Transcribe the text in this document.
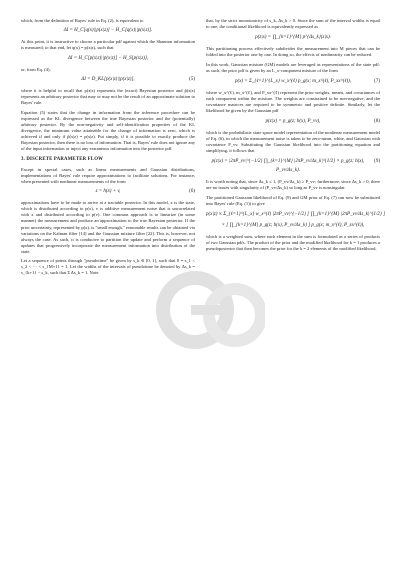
which, from the definition of Bayes' rule in Eq. (2), is equivalent to

ΔI = H_C[q(x)||p(x|z)] − H_C[q(x)||p(x|z)].

At this point, it is instructive to choose a particular pdf against which the Shannon information is measured; to that end, let q(x) = p(x|z), such that

ΔI = H_C[p(x|z)||p(x|z)] − H_S[p(x|z)],

or, from Eq. (4),

ΔI = D_KL[p(x|z)||p(x|z)],	(5)

where it is helpful to recall that p(x|z) represents the (exact) Bayesian posterior and p̃(x|z) represents an arbitrary posterior that may or may not be the result of an approximate solution to Bayes' rule.

Equation (5) states that the change in information from the inference procedure can be expressed as the KL divergence between the true Bayesian posterior and the (potentially) arbitrary posterior. By the non-negativity and self-identification properties of the KL divergence, the minimum value attainable for the change of information is zero, which is achieved if and only if p̃(x|z) = p(x|z). Put simply, if it is possible to exactly produce the Bayesian posterior, then there is no loss of information. That is, Bayes' rule does not ignore any of the input information or inject any extraneous information into the posterior pdf.

3. DISCRETE PARAMETER FLOW

Except in special cases, such as linear measurements and Gaussian distributions, implementations of Bayes' rule require approximations to facilitate solutions. For instance, when presented with nonlinear measurements of the form

z = h(x) + v,	(6)

approximations have to be made to arrive at a tractable posterior. In this model, x is the state, which is distributed according to p(x), v is additive measurement noise that is uncorrelated with x and distributed according to p(v). One common approach is to linearize (in some manner) the measurement and produce an approximation to the true Bayesian posterior. If the prior uncertainty, represented by p(x), is "small enough," reasonable results can be obtained via variations on the Kalman filter [14] and the Gaussian mixture filter [22]. This is, however, not always the case. As such, it is conducive to partition the update and perform a sequence of updates that progressively incorporate the measurement information into distribution of the state.

Let a sequence of points through "pseudotime" be given by s_k ∈ [0, 1], such that 0 = s_1 < s_2 < ··· < s_{M+1} = 1. Let the widths of the intervals of pseudotime be denoted by Δs_k = s_{k+1} − s_k, such that Σ Δs_k = 1. Note

that, by the strict monotonicity of s_k, Δs_k > 0. Since the sum of the interval widths is equal to one, the conditional likelihood is equivalently expressed as

p(z|x) = ∏_{k=1}^{M} p^{Δs_k}(z|x).

This partitioning process effectively subdivides the measurement into M pieces that can be folded into the posterior one by one. In doing so, the effects of nonlinearity can be reduced.

In this work, Gaussian mixture (GM) models are leveraged as representations of the state pdf: as such, the prior pdf is given by an L_x-component mixture of the form

p(x) = Σ_{ℓ=1}^{L_x} w_x^(ℓ) p_g(x; m_x^(ℓ), P_xx^(ℓ)),	(7)

where w_x^(ℓ), m_x^(ℓ), and P_xx^(ℓ) represent the prior weights, means, and covariances of each component within the mixture. The weights are constrained to be non-negative, and the covariance matrices are required to be symmetric and positive definite. Similarly, let the likelihood be given by the Gaussian pdf

p(z|x) = p_g(z; h(x), P_vv),	(8)

which is the probabilistic state space model representation of the nonlinear measurement model of Eq. (6), in which the measurement noise is taken to be zero-mean, white, and Gaussian with covariance P_vv. Substituting the Gaussian likelihood into the partitioning equation and simplifying, it follows that

p(z|x) = |2πP_vv|^{−1/2} ∏_{k=1}^{M} |2πP_vv/Δs_k|^{1/2} × p_g(z; h(x), P_vv/Δs_k).
(9)

It is worth noting that, since Δs_k ≤ 1, (P_vv/Δs_k) ≥ P_vv; furthermore, since Δs_k > 0, there are no issues with singularity of (P_vv/Δs_k) so long as P_vv is nonsingular.

The partitioned Gaussian likelihood of Eq. (9) and GM prior of Eq. (7) can now be substituted into Bayes' rule (Eq. (1)) to give

p(x|z) ∝ Σ_{ℓ=1}^{L_x} w_x^(ℓ) |2πP_vv|^{−1/2} [ ∏_{k=1}^{M} |2πP_vv/Δs_k|^{1/2} ]
× [ ∏_{k=1}^{M} p_g(z; h(x), P_vv/Δs_k) ] p_g(x; m_x^(ℓ), P_xx^(ℓ)),

which is a weighted sum, where each element in the sum is formulated as a series of products of two Gaussian pdfs. The product of the prior and the modified likelihood for k = 1 produces a pseudoposterior that then becomes the prior for the k = 2 elements of the modified likelihood,
